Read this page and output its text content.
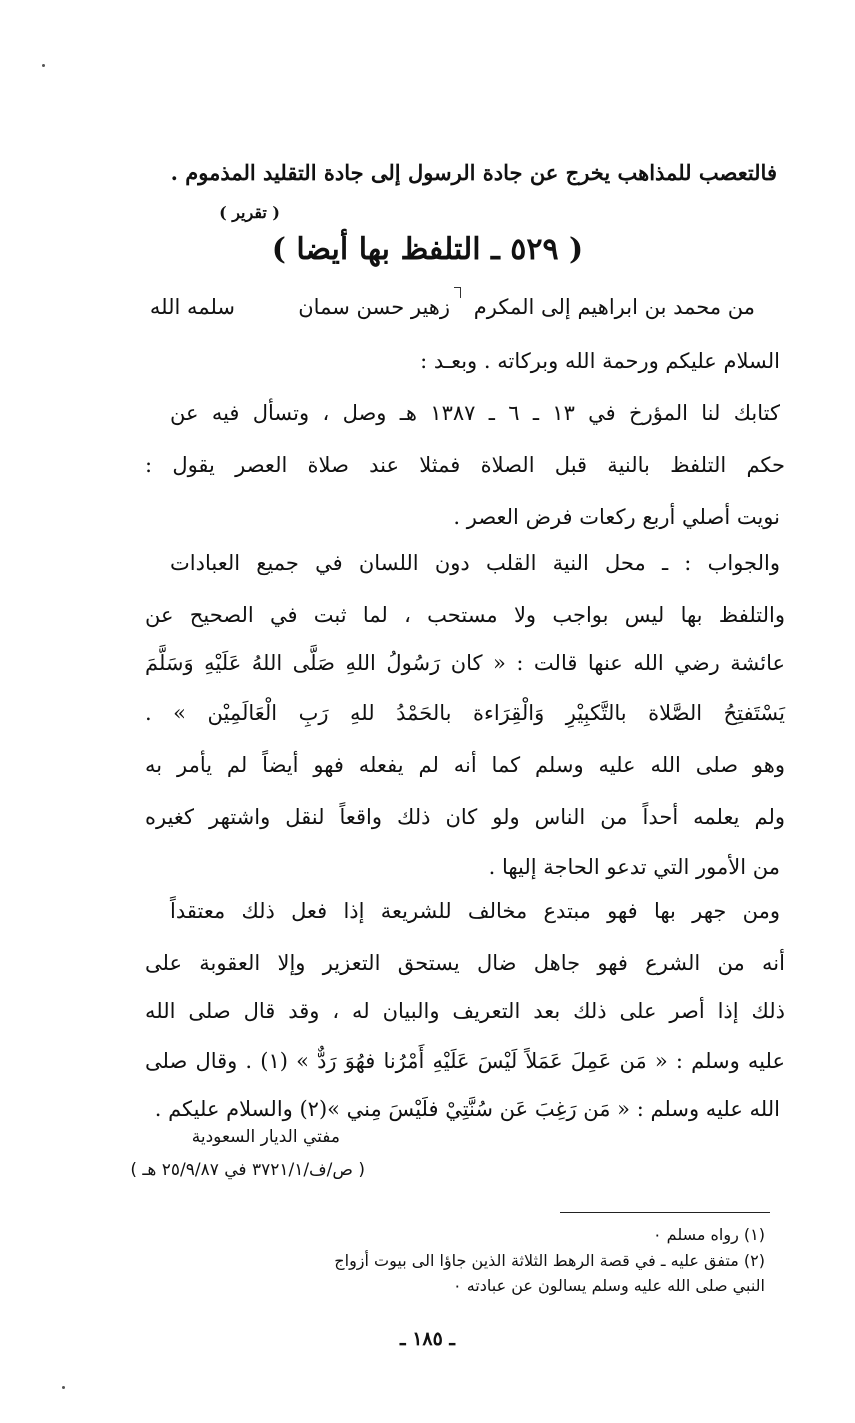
فالتعصب للمذاهب يخرج عن جادة الرسول إلى جادة التقليد المذموم .
( تقرير )
( ٥٢٩ ـ التلفظ بها أيضا )
من محمد بن ابراهيم إلى المكرم
زهير حسن سمان
سلمه الله
السلام عليكم ورحمة الله وبركاته . وبعـد :
كتابك لنا المؤرخ في ١٣ ـ ٦ ـ ١٣٨٧ هـ وصل ، وتسأل فيه عن
حكم التلفظ بالنية قبل الصلاة فمثلا عند صلاة العصر يقول :
نويت أصلي أربع ركعات فرض العصر .
والجواب : ـ محل النية القلب دون اللسان في جميع العبادات
والتلفظ بها ليس بواجب ولا مستحب ، لما ثبت في الصحيح عن
عائشة رضي الله عنها قالت : « كان رَسُولُ اللهِ صَلَّى اللهُ عَلَيْهِ وَسَلَّمَ
يَسْتَفتِحُ الصَّلاة بالتَّكبِيْرِ وَالْقِرَاءة بالحَمْدُ للهِ رَبِ الْعَالَمِيْن » .
وهو صلى الله عليه وسلم كما أنه لم يفعله فهو أيضاً لم يأمر به
ولم يعلمه أحداً من الناس ولو كان ذلك واقعاً لنقل واشتهر كغيره
من الأمور التي تدعو الحاجة إليها .
ومن جهر بها فهو مبتدع مخالف للشريعة إذا فعل ذلك معتقداً
أنه من الشرع فهو جاهل ضال يستحق التعزير وإلا العقوبة على
ذلك إذا أصر على ذلك بعد التعريف والبيان له ، وقد قال صلى الله
عليه وسلم : « مَن عَمِلَ عَمَلاً لَيْسَ عَلَيْهِ أَمْرُنا فهُوَ رَدٌّ » (١) . وقال صلى
الله عليه وسلم : « مَن رَغِبَ عَن سُنَّتِيْ فلَيْسَ مِني »(٢) والسلام عليكم .
مفتي الديار السعودية
( ص/ف/٣٧٢١/١ في ٢٥/٩/٨٧ هـ )
(١) رواه مسلم ٠
(٢) متفق عليه ـ في قصة الرهط الثلاثة الذين جاؤا الى بيوت أزواج
النبي صلى الله عليه وسلم يسالون عن عبادته ٠
ـ ١٨٥ ـ
